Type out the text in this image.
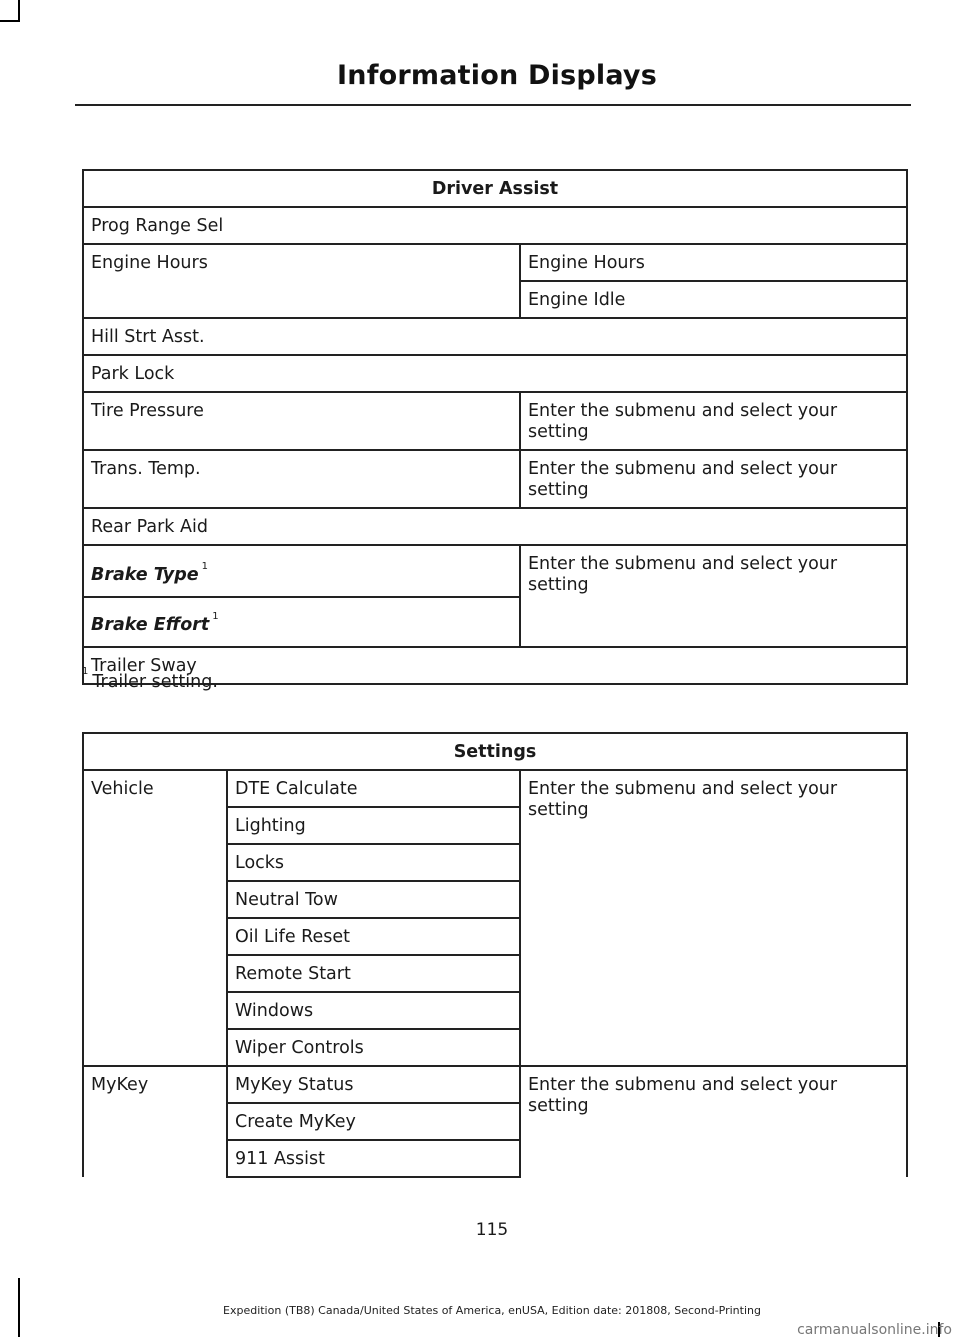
Information Displays
Driver Assist	
Prog Range Sel	
Engine Hours	Engine Hours
	Engine Idle
Hill Strt Asst.	
Park Lock	
Tire Pressure	Enter the submenu and select your setting
Trans. Temp.	Enter the submenu and select your setting
Rear Park Aid	
Brake Type $^1$	Enter the submenu and select your setting
Brake Effort $^1$
Trailer Sway	
$^1$Trailer setting.
Settings		
Vehicle	DTE Calculate	Enter the submenu and select your setting
	Lighting	
	Locks	
	Neutral Tow	
	Oil Life Reset	
	Remote Start	
	Windows	
	Wiper Controls	
MyKey	MyKey Status	Enter the submenu and select your setting
	Create MyKey	
	911 Assist	
115
Expedition (TB8) Canada/United States of America, enUSA, Edition date: 201808, Second-Printing
carmanualsonline.info
